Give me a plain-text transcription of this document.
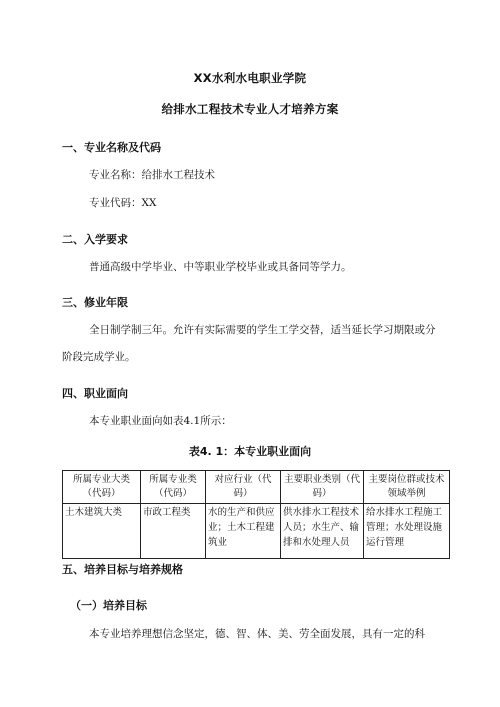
XX水利水电职业学院
给排水工程技术专业人才培养方案
一、专业名称及代码
专业名称：给排水工程技术
专业代码：XX
二、入学要求
普通高级中学毕业、中等职业学校毕业或具备同等学力。
三、修业年限
全日制学制三年。允许有实际需要的学生工学交替，适当延长学习期限或分
阶段完成学业。
四、职业面向
本专业职业面向如表4.1所示：
表4. 1：本专业职业面向
所属专业大类（代码）	所属专业类（代码）	对应行业（代码）	主要职业类别（代码）	主要岗位群或技术领域举例
土木建筑大类	市政工程类	水的生产和供应业；土木工程建筑业	供水排水工程技术人员；水生产、输排和水处理人员	给水排水工程施工管理；水处理设施运行管理
五、培养目标与培养规格
（一）培养目标
本专业培养理想信念坚定，德、智、体、美、劳全面发展，具有一定的科
